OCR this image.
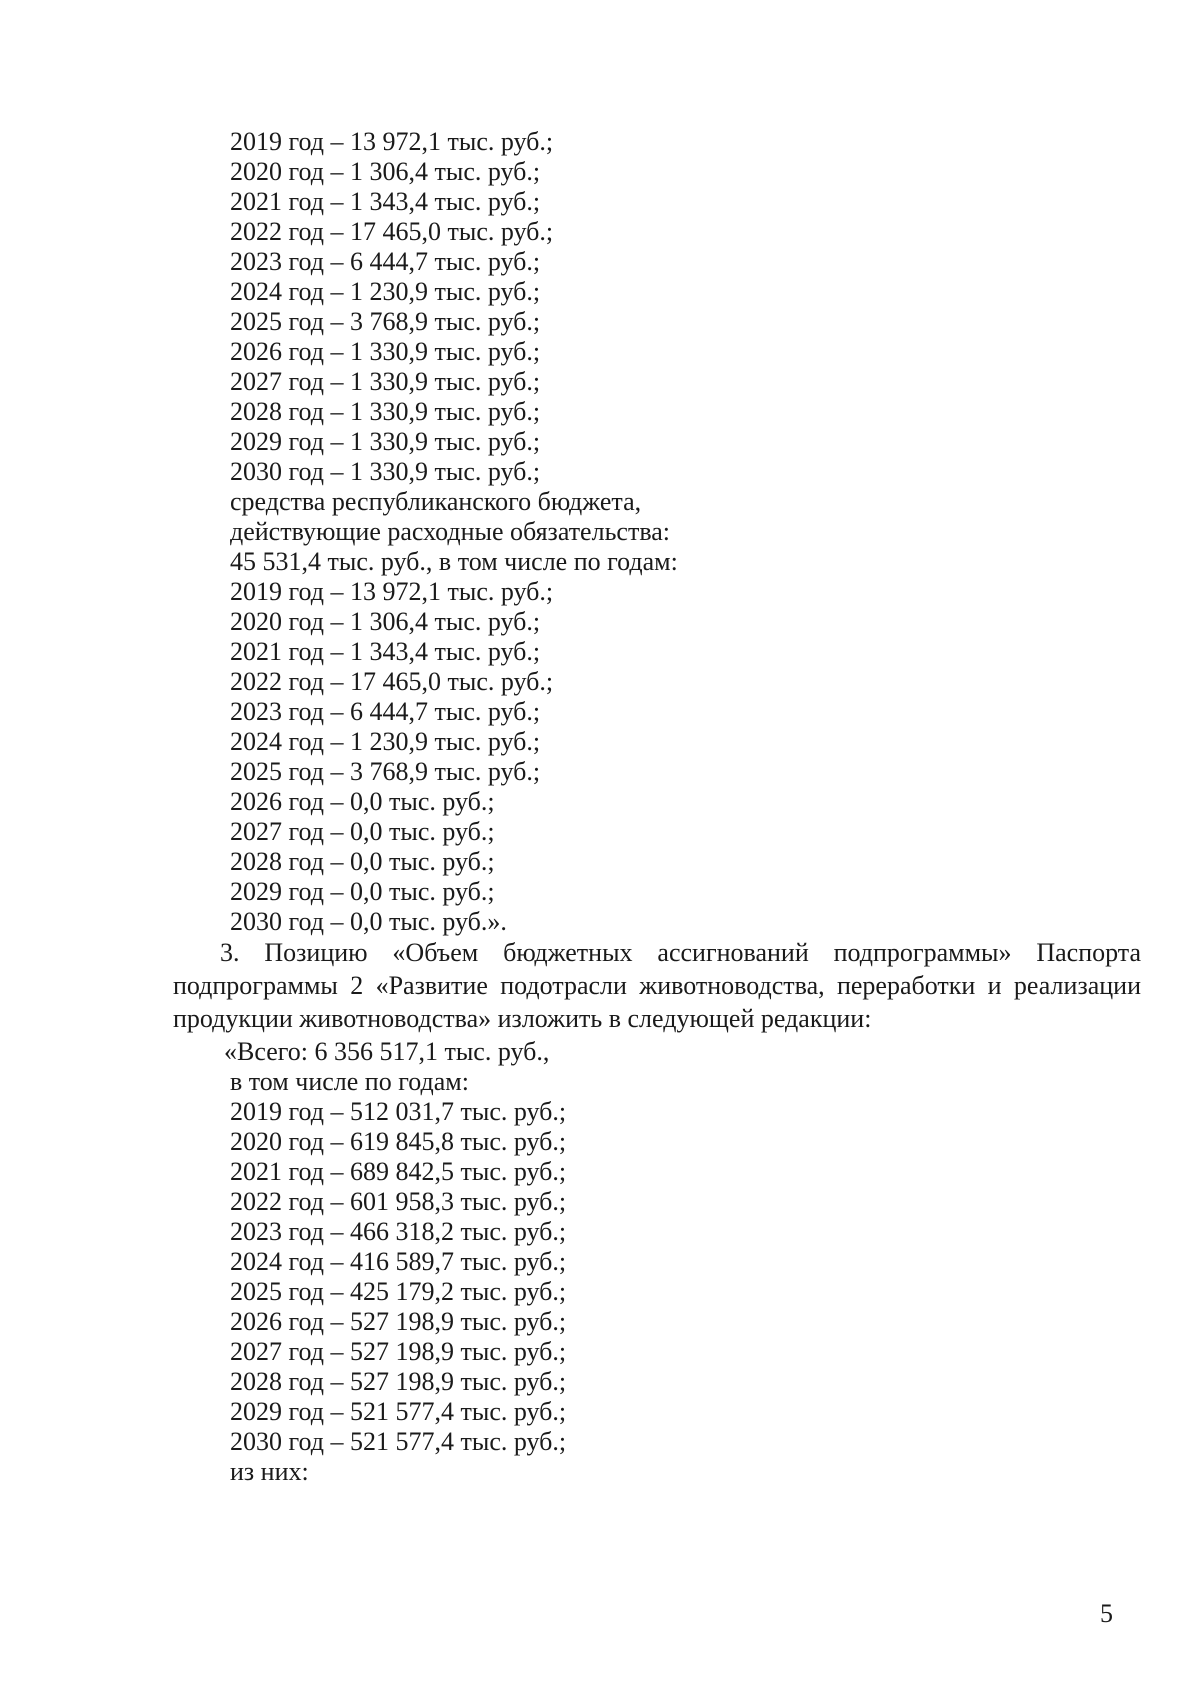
2019 год – 13 972,1 тыс. руб.;
2020 год – 1 306,4 тыс. руб.;
2021 год – 1 343,4 тыс. руб.;
2022 год – 17 465,0 тыс. руб.;
2023 год – 6 444,7 тыс. руб.;
2024 год – 1 230,9 тыс. руб.;
2025 год – 3 768,9 тыс. руб.;
2026 год – 1 330,9 тыс. руб.;
2027 год – 1 330,9 тыс. руб.;
2028 год – 1 330,9 тыс. руб.;
2029 год – 1 330,9 тыс. руб.;
2030 год – 1 330,9 тыс. руб.;
средства республиканского бюджета,
действующие расходные обязательства:
45 531,4 тыс. руб., в том числе по годам:
2019 год – 13 972,1 тыс. руб.;
2020 год – 1 306,4 тыс. руб.;
2021 год – 1 343,4 тыс. руб.;
2022 год – 17 465,0 тыс. руб.;
2023 год – 6 444,7 тыс. руб.;
2024 год – 1 230,9 тыс. руб.;
2025 год – 3 768,9 тыс. руб.;
2026 год – 0,0 тыс. руб.;
2027 год – 0,0 тыс. руб.;
2028 год – 0,0 тыс. руб.;
2029 год – 0,0 тыс. руб.;
2030 год – 0,0 тыс. руб.».
3. Позицию «Объем бюджетных ассигнований подпрограммы» Паспорта подпрограммы 2 «Развитие подотрасли животноводства, переработки и реализации продукции животноводства» изложить в следующей редакции:
«Всего: 6 356 517,1 тыс. руб.,
в том числе по годам:
2019 год – 512 031,7 тыс. руб.;
2020 год – 619 845,8 тыс. руб.;
2021 год – 689 842,5 тыс. руб.;
2022 год – 601 958,3 тыс. руб.;
2023 год – 466 318,2 тыс. руб.;
2024 год – 416 589,7 тыс. руб.;
2025 год – 425 179,2 тыс. руб.;
2026 год – 527 198,9 тыс. руб.;
2027 год – 527 198,9 тыс. руб.;
2028 год – 527 198,9 тыс. руб.;
2029 год – 521 577,4 тыс. руб.;
2030 год – 521 577,4 тыс. руб.;
из них:
5
